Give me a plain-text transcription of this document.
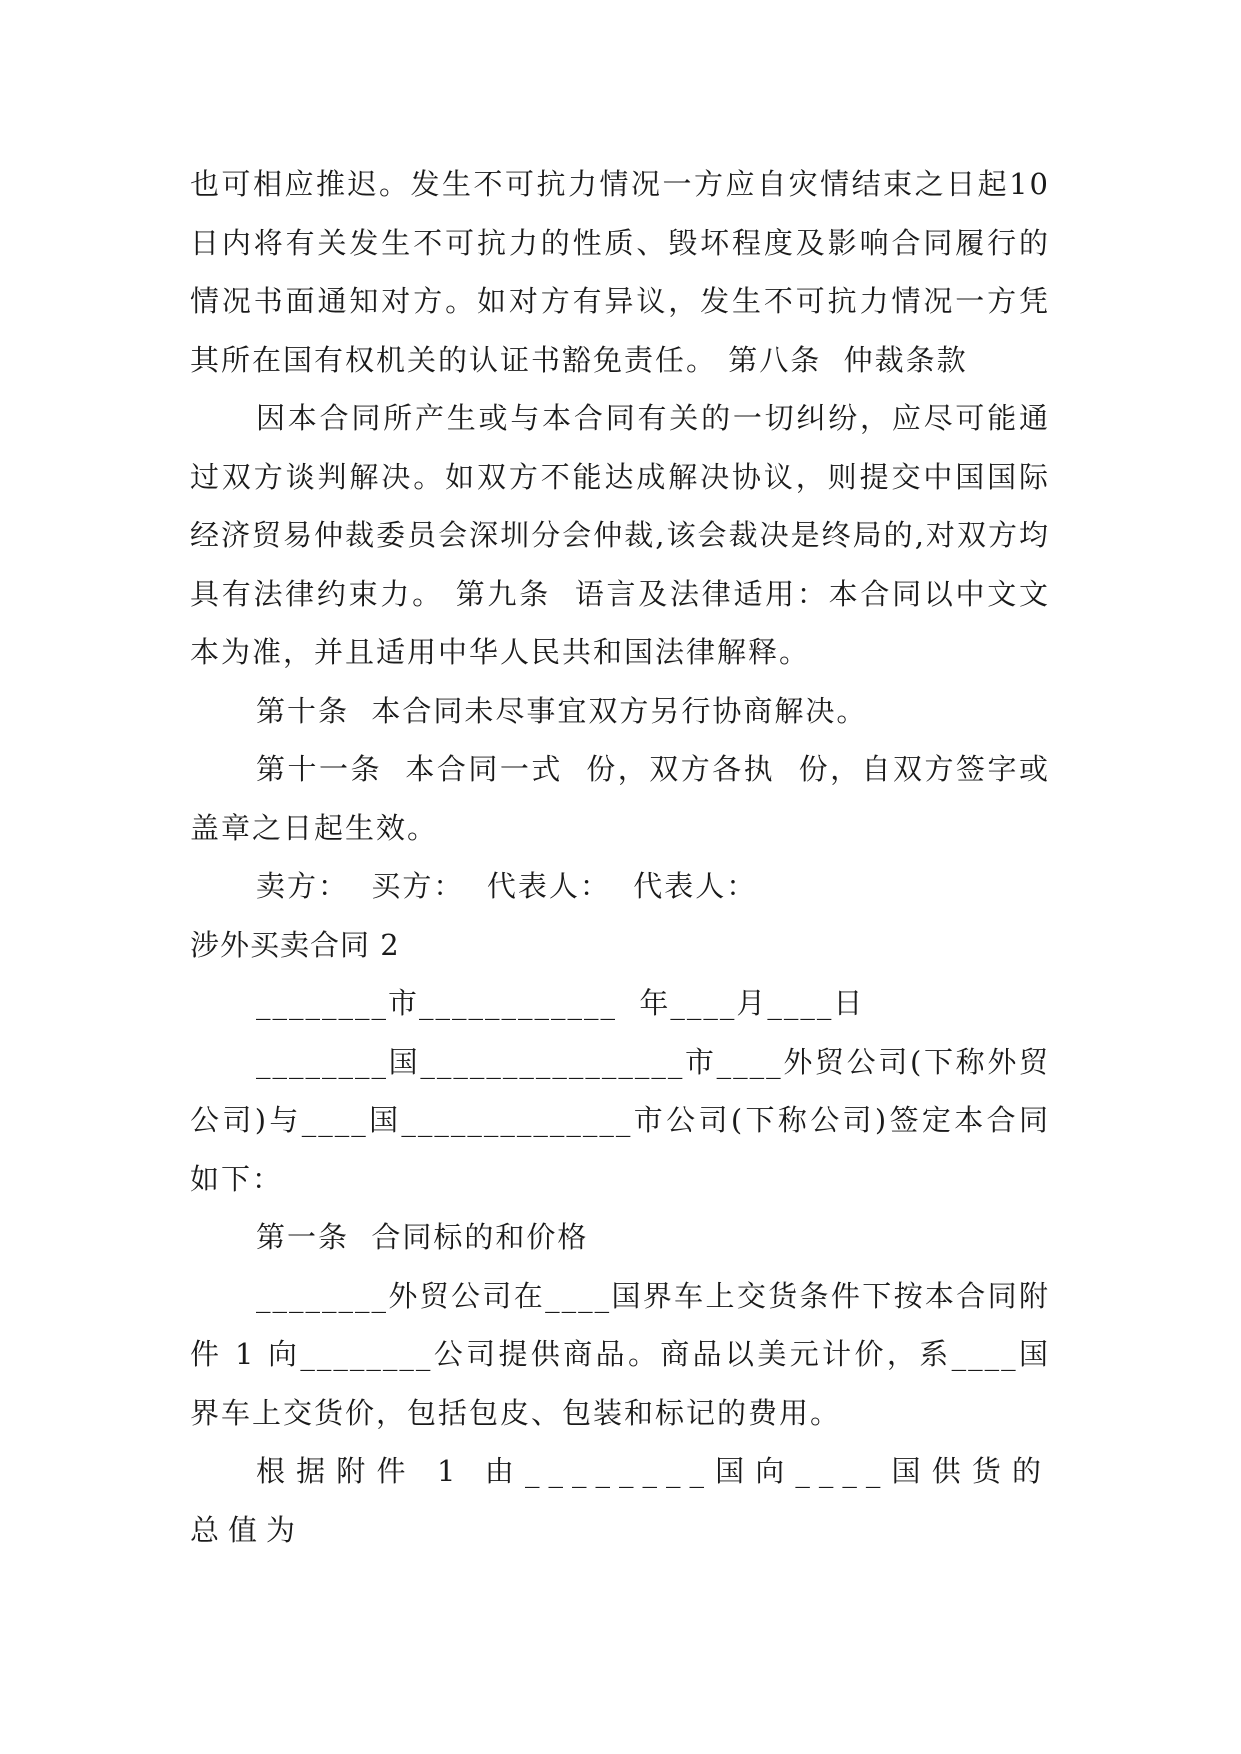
也可相应推迟。发生不可抗力情况一方应自灾情结束之日起10 日内将有关发生不可抗力的性质、毁坏程度及影响合同履行的情况书面通知对方。如对方有异议，发生不可抗力情况一方凭其所在国有权机关的认证书豁免责任。 第八条  仲裁条款

因本合同所产生或与本合同有关的一切纠纷，应尽可能通过双方谈判解决。如双方不能达成解决协议，则提交中国国际经济贸易仲裁委员会深圳分会仲裁,该会裁决是终局的,对双方均具有法律约束力。 第九条  语言及法律适用：本合同以中文文本为准，并且适用中华人民共和国法律解释。

第十条  本合同未尽事宜双方另行协商解决。

第十一条  本合同一式  份，双方各执  份，自双方签字或盖章之日起生效。

卖方：  买方：  代表人：  代表人：

涉外买卖合同 2

________市____________  年____月____日

________国________________市____外贸公司(下称外贸公司)与____国______________市公司(下称公司)签定本合同如下：

第一条  合同标的和价格

________外贸公司在____国界车上交货条件下按本合同附件 1 向________公司提供商品。商品以美元计价，系____国界车上交货价，包括包皮、包装和标记的费用。

根据附件 1 由________国向____国供货的总值为
